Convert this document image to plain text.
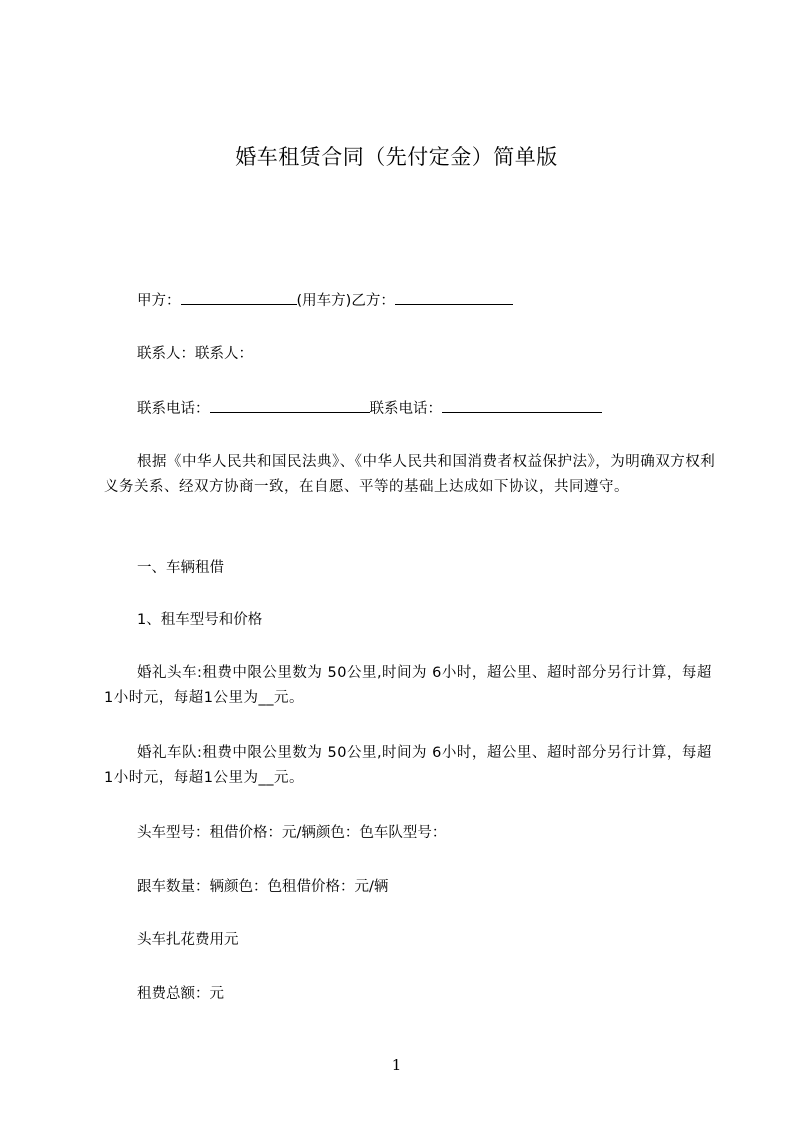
婚车租赁合同（先付定金）简单版
甲方：	(用车方)乙方：
联系人：联系人：
联系电话：	联系电话：
根据《中华人民共和国民法典》、《中华人民共和国消费者权益保护法》，为明确双方权利义务关系、经双方协商一致，在自愿、平等的基础上达成如下协议，共同遵守。
一、车辆租借
1、租车型号和价格
婚礼头车:租费中限公里数为 50公里,时间为 6小时，超公里、超时部分另行计算，每超1小时元，每超1公里为__元。
婚礼车队:租费中限公里数为 50公里,时间为 6小时，超公里、超时部分另行计算，每超1小时元，每超1公里为__元。
头车型号：租借价格：元/辆颜色：色车队型号：
跟车数量：辆颜色：色租借价格：元/辆
头车扎花费用元
租费总额：元
1
